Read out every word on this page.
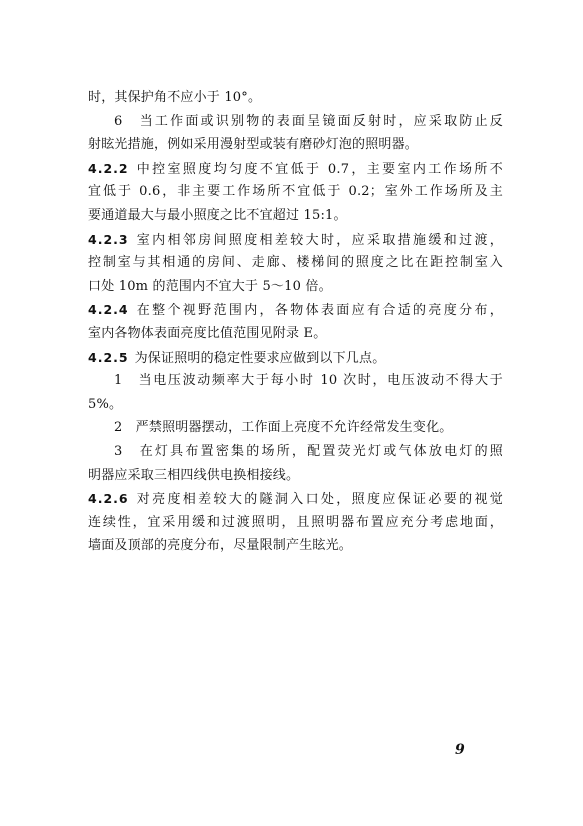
时，其保护角不应小于 10°。
6　当工作面或识别物的表面呈镜面反射时，应采取防止反
射眩光措施，例如采用漫射型或装有磨砂灯泡的照明器。
4.2.2 中控室照度均匀度不宜低于 0.7，主要室内工作场所不
宜低于 0.6，非主要工作场所不宜低于 0.2；室外工作场所及主
要通道最大与最小照度之比不宜超过 15:1。
4.2.3 室内相邻房间照度相差较大时，应采取措施缓和过渡，
控制室与其相通的房间、走廊、楼梯间的照度之比在距控制室入
口处 10m 的范围内不宜大于 5～10 倍。
4.2.4 在整个视野范围内，各物体表面应有合适的亮度分布，
室内各物体表面亮度比值范围见附录 E。
4.2.5 为保证照明的稳定性要求应做到以下几点。
1　当电压波动频率大于每小时 10 次时，电压波动不得大于
5%。
2　严禁照明器摆动，工作面上亮度不允许经常发生变化。
3　在灯具布置密集的场所，配置荧光灯或气体放电灯的照
明器应采取三相四线供电换相接线。
4.2.6 对亮度相差较大的隧洞入口处，照度应保证必要的视觉
连续性，宜采用缓和过渡照明，且照明器布置应充分考虑地面，
墙面及顶部的亮度分布，尽量限制产生眩光。
9
